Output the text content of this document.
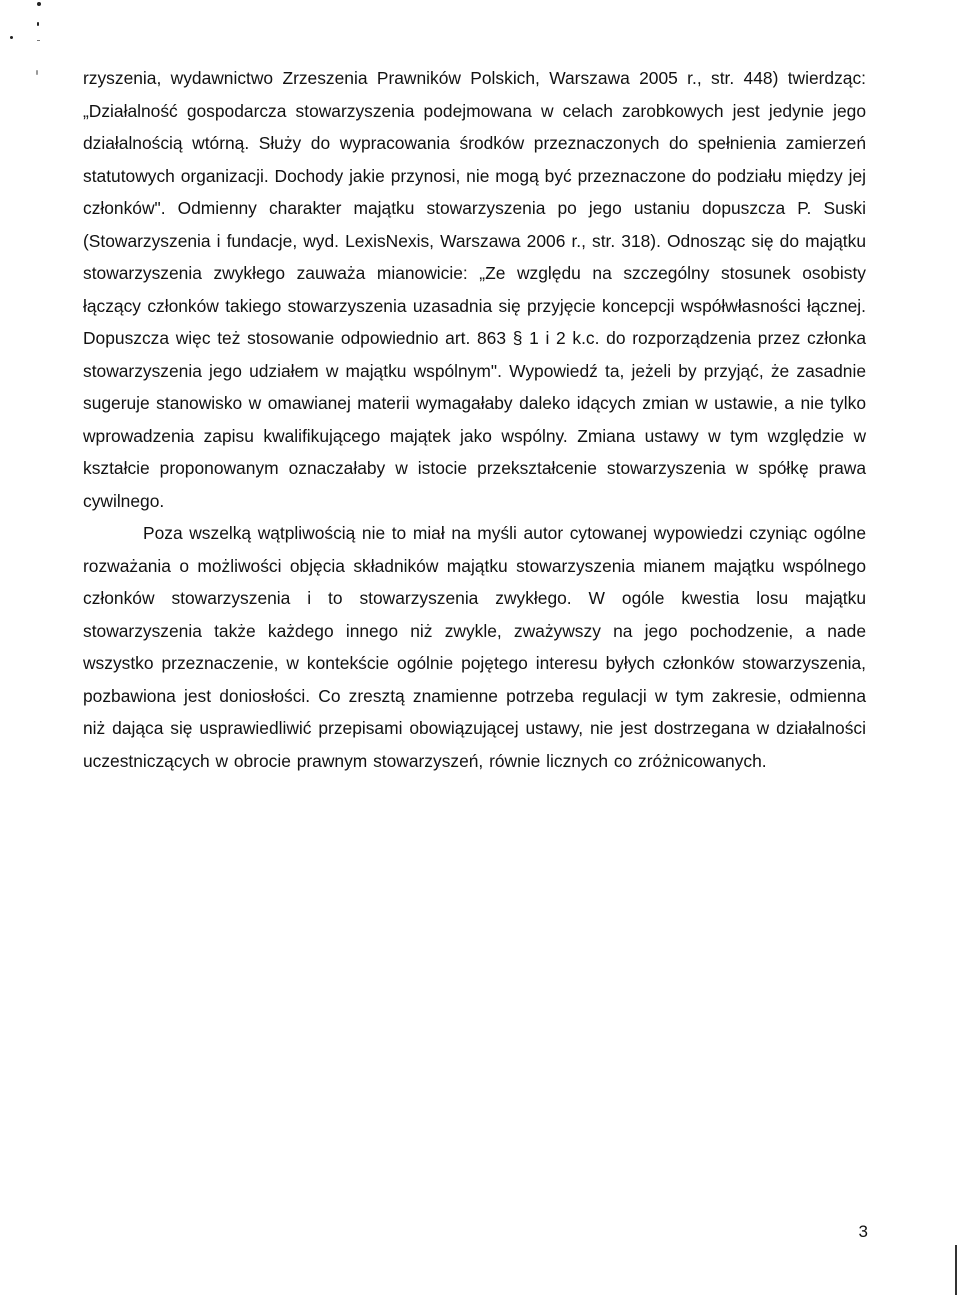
rzyszenia, wydawnictwo Zrzeszenia Prawników Polskich, Warszawa 2005 r., str. 448) twierdząc: „Działalność gospodarcza stowarzyszenia podejmowana w celach zarobkowych jest jedynie jego działalnością wtórną. Służy do wypracowania środków przeznaczonych do spełnienia zamierzeń statutowych organizacji. Dochody jakie przynosi, nie mogą być przeznaczone do podziału między jej członków". Odmienny charakter majątku stowarzyszenia po jego ustaniu dopuszcza P. Suski (Stowarzyszenia i fundacje, wyd. LexisNexis, Warszawa 2006 r., str. 318). Odnosząc się do majątku stowarzyszenia zwykłego zauważa mianowicie: „Ze względu na szczególny stosunek osobisty łączący członków takiego stowarzyszenia uzasadnia się przyjęcie koncepcji współwłasności łącznej. Dopuszcza więc też stosowanie odpowiednio art. 863 § 1 i 2 k.c. do rozporządzenia przez członka stowarzyszenia jego udziałem w majątku wspólnym". Wypowiedź ta, jeżeli by przyjąć, że zasadnie sugeruje stanowisko w omawianej materii wymagałaby daleko idących zmian w ustawie, a nie tylko wprowadzenia zapisu kwalifikującego majątek jako wspólny. Zmiana ustawy w tym względzie w kształcie proponowanym oznaczałaby w istocie przekształcenie stowarzyszenia w spółkę prawa cywilnego.

Poza wszelką wątpliwością nie to miał na myśli autor cytowanej wypowiedzi czyniąc ogólne rozważania o możliwości objęcia składników majątku stowarzyszenia mianem majątku wspólnego członków stowarzyszenia i to stowarzyszenia zwykłego. W ogóle kwestia losu majątku stowarzyszenia także każdego innego niż zwykle, zważywszy na jego pochodzenie, a nade wszystko przeznaczenie, w kontekście ogólnie pojętego interesu byłych członków stowarzyszenia, pozbawiona jest doniosłości. Co zresztą znamienne potrzeba regulacji w tym zakresie, odmienna niż dająca się usprawiedliwić przepisami obowiązującej ustawy, nie jest dostrzegana w działalności uczestniczących w obrocie prawnym stowarzyszeń, równie licznych co zróżnicowanych.

3
